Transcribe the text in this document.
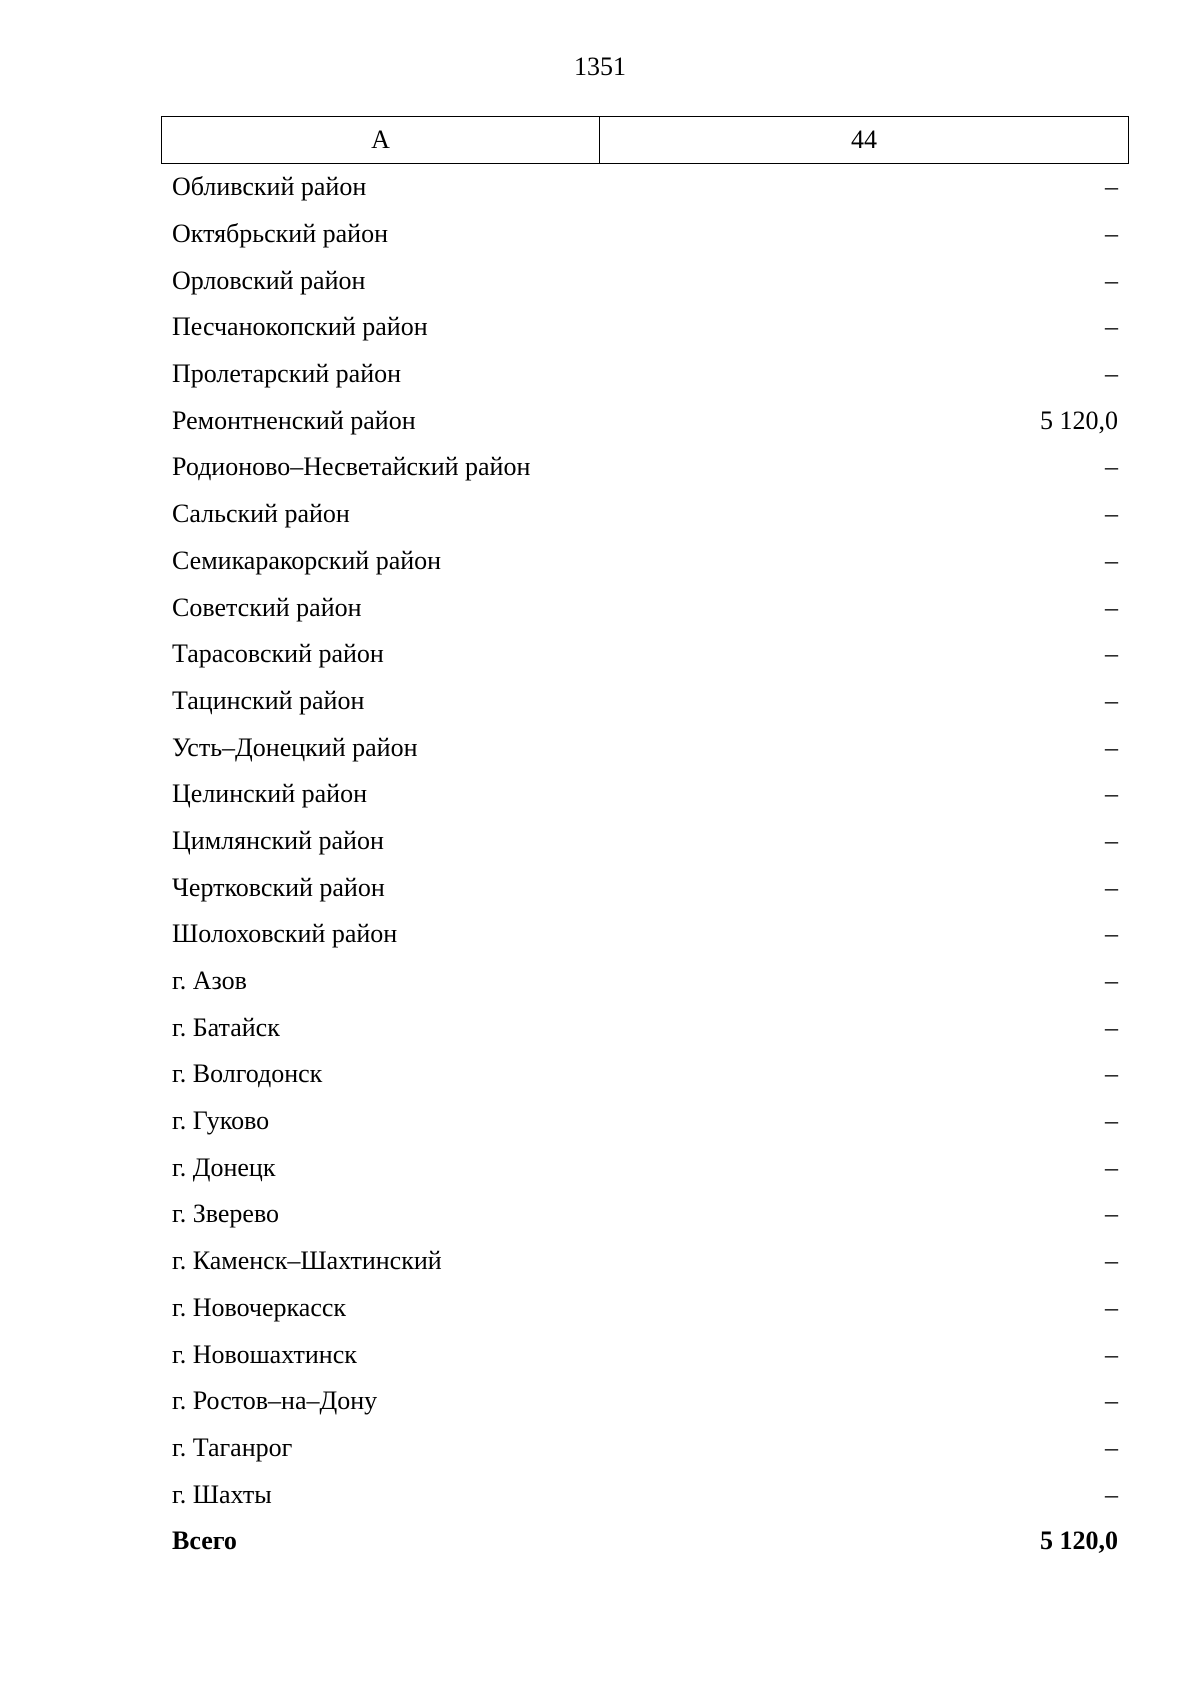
1351
А	44
Обливский район	–
Октябрьский район	–
Орловский район	–
Песчанокопский район	–
Пролетарский район	–
Ремонтненский район	5 120,0
Родионово–Несветайский район	–
Сальский район	–
Семикаракорский район	–
Советский район	–
Тарасовский район	–
Тацинский район	–
Усть–Донецкий район	–
Целинский район	–
Цимлянский район	–
Чертковский район	–
Шолоховский район	–
г. Азов	–
г. Батайск	–
г. Волгодонск	–
г. Гуково	–
г. Донецк	–
г. Зверево	–
г. Каменск–Шахтинский	–
г. Новочеркасск	–
г. Новошахтинск	–
г. Ростов–на–Дону	–
г. Таганрог	–
г. Шахты	–
Всего	5 120,0
